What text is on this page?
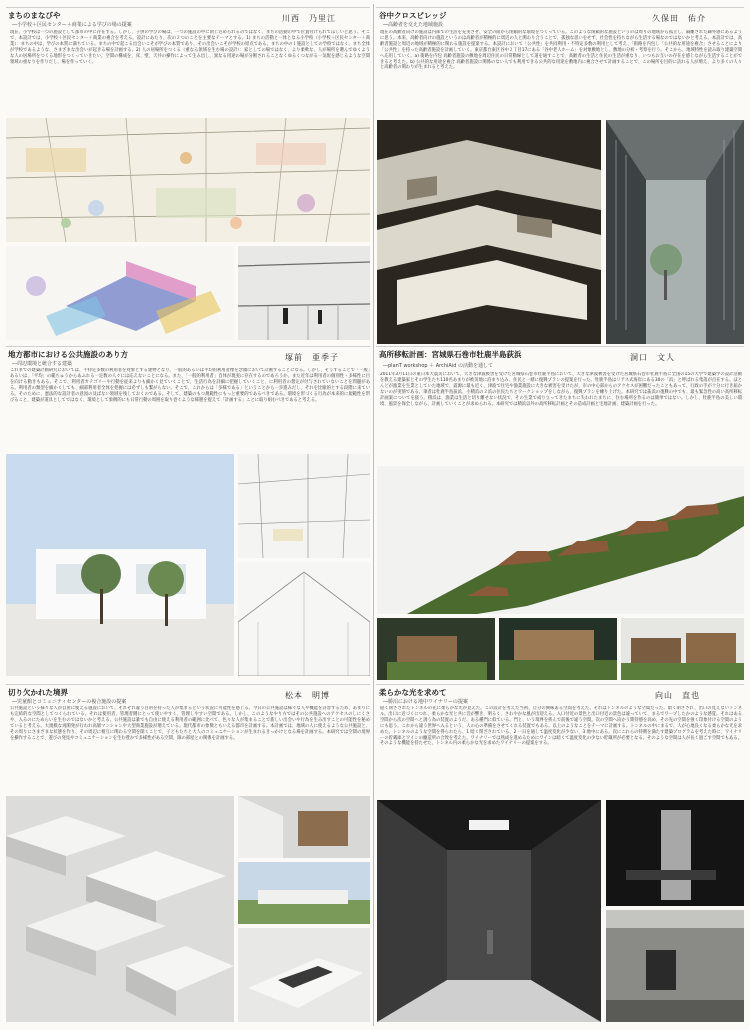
まちのまなびや
―小学校＋区民センター＋商業による学びの場の提案
川西　乃里江
現在、小学校は一つの施設として都市の中に存在する。しかし、子供の学びの場は、一つの施設の中に閉じ込められるのではなく、まちの活動の中で位置付けられてほしいと思う。そこで、本設計では、小学校＋区民センター＋商業の複合を考える。設計にあたり、次の２つのことを主要なテーマとする。1) まちの活動と一体となる小学校（小学校＋区民センター＋商業）：まちの中は、学びの本質に満ちている。まちの中で起こる出会いこそが学びの本質であり、その出会いこそが学校の原点である。まちの中の１施設としての学校ではなく、まち全体が学校であるような、さまざまな出会いが起きる場を計画する。2) 人の居場所をつくる（重なる領域を生む場の設計）：家としての場ではなく、より柔軟な、人が場所を選んでゆくような人の居場所をつくる地形をつくっていきたい。空間の構成を、床、壁、天井の操作によって生み出し、異なる用途の場が分断されることなくゆるくつながる一気配を感じるような空間領域の重なりを作りだし、場を作っていく。
谷中クロスビレッジ
―高齢者を交えた地域施設
久保田　佑介
現在の高齢者向けの施設は内部での生活を充実させ、安全の面から閉鎖的な環境をつくっている。このような閉鎖的な施設というのは周りの地域から孤立し、隔離された疎外感にあるように思う。本来、高齢者向けの施設というのは高齢者が積極的に周辺の人と関わり合うことで、孤独な思いをせず、社会性を持ちながら生活する場なのではないかと考える。本設計では、高齢者施設と周辺の地域が積極的に関わる施設を提案する。本設計において「公共性」を共同利用・不特定多数の利用として考え、「街路を内包し「公共的な用途を複合」させることにより「公共性」を持った高齢者施設を計画していく。東京都台東区谷中２丁目17にある「谷中老人ホーム」を対象敷地とし、敷地の分析・考察を行う。そこから、地域特性を読み取り建築空間へ応用していく。a) 街路を内包 高齢者施設の敷地を周辺住民の日常動線として道を通すことで、高齢者の生活と住民の生活が重なり、いつもお互いの存在を感じながら生活することができると考えた。b) 公共的な用途を複合 高齢者施設に関係のない人でも利用できる公共的な用途を敷地内に複合させて計画することで、この場所を目的に訪れる人が増え、より多くの人々と高齢者の関わりが生まれると考えた。
地方都市における公共施設のあり方
―周辺環境と統合する建築
塚前　亜季子
これまでの建築計画研究においては、不特定多数の利用者を対象とする建物となり、一般的あるいは平均的利用者像を念頭において計画することになる。しかし、そうすることで「一般」あるいは、「平均」の範ちゅうからあふれる一定数の人々には応えないことになる。また、「一般的利用者」自体が現実に存在するのであろうか。また近年は利用者の個別性・多様性に目を向ける動きもある。そこで、利用者カテゴリーや行動を従来よりも細かく見ていくことで、生活行為を詳細に把握していくこと、に利用者の想定が付与されていないことを問題がある。利用者の類型を細かくしても、細部利用者全体を把握には必ずしも繋がらない。そこで、これからは「多様である」ということから一歩進みだし、それを比喩的とする段階に来ている。そのために、憲法的な設計者の意図の及ばない領域を残しておくのである。そして、建築のもつ規範性にもっと重要的であるべきである。環境を形づくる行為が本来的に規範性を帯びること、建築が道具としてではなく、環境として象徴的にも日常行動の周囲を取り巻くような様態を捉えて「計画する」ことに取り組むべきであると考える。
高所移転計画：宮城県石巻市牡鹿半島荻浜
―planT workshop ＋ ArchiAid の活動を通して
洞口　文人
2011年3月11日の東日本大震災において、大きな津波被害を受けた宮城県石巻市牡鹿半島において、大きな津波被害を受けた宮城県石巻市牡鹿半島に全国の15の大学で建築学の設計活動を教える建築家とその学生たち110名あまりが被災地に泊まり込み、住民と一緒に復興プランの提案を行った。牡鹿半島はリアス式海岸にある30の「浜」と呼ばれる集落が点在する。ほとんどが漁業を生業としていた地域で、震源に最も近く、津波で住宅や漁業施設に大きな被害を受けたが、市の中心部からのアクセスが困難だったこともあって、行政の手が十分に行き届かないのが実情である。筆者は牡鹿半島荻浜、小積浜の２浜の住民たちとワークショップをしながら、復興プランを練り上げた。本研究では荻浜の復興の中でも、最も緊急性の高い高所移転計画案についてを扱う。積浜は、漁業は生活と切り離せない状況で、その生業で成り立ってきたまちに失われたまちに、住む場所を作るのは簡単ではない。しかし、牡鹿半島の美しい環境、風景を保全しながら、計画していくことが求められる。本研究では積浜以外の高所移転計画とその造成計画と宅地計画、建築計画を行った。
切り欠かれた境界
―児童館とコミュニティセンターの複合施設の提案
松本　明博
公共施設という様々な人が自由に使える施設において、それぞれ違う目的を持った人が集まるという状況に可能性を感じる。今日の公共施設は様々な人や機能を許容するため、あまりにも完結的な空間としてつくられている。それは使用者、管理者側にとって使いやすく、管理しやすい空間である。しかし、このようなやり方ではその公共施設へのアクセスのしにくさや、入るのにためらいを生むのではないかと考える。公共施設は誰でも自由に使える利用者の範囲に比べて、色々な人が集まることで新しい出会いや行為を生み出すことの可能性を秘めていると考える。大規模な再開発が行われ高層マンションや大型商業施設が増えている。現代都市の象徴ともいえる都市を計画する。本計画では、地域の人に使えるような公共施設と、その周りにさまざまな状態を作り、その周辺に相互に関わる空間を開くことで、子どもたちと大人のコミュニケーションが生まれるきっかけとなる場を計画する。本研究では空間の境界を操作することで、遊びの発見やコミュニケーションを生む豊かで多様性がある空間、隙の部屋との関係を計画する。
柔らかな光を求めて
―勝沼における地中ワイナリーの提案
向山　直也
隠く閉ざされたトンネルの先に柔らかな光が見えた。この設計を考えた当初、自分の興味ある空間を考えた。それはトンネルのような空間だった。暗く閉ざされ、出口の見えないトンネル。出口に近づくにつれ、柔らかな光と共に音が響き、明るく、さわやかな風が出迎える。入口付近の景色と出口付近の景色は違っていて、まるでワープしたかのような感覚。それはある空間から次の空間へと誘う為の装置のようだ。ある種門に似ている。門と、いう境界を挟んで前後で違う空間。次の空間へ向かう期待感を高め、その先の空間を強く印象付ける空間のようにも思う。これから違う世界へ入るという、人の心の準備をさせてくれる装置でもある。以上のようなことをテーマに計画する。トンネルの中にまるで、人が心地良くなる柔らかな光を求めた。トンネルのような空間を得られたら、1 暗く閉ざされている、2 一日を通して温度変化が少ない、3 地中にある。次にこれらの特徴を満たす建築プログラムを考えた時に、ワイナリーの貯蔵庫とワインの醸造所の合致を考えた。ワイナリーでは熟成を進めるためにワインは暗くて温度変化の少ない貯蔵所が必要となる。そのような空間は人が長く過ごす空間でもある。そのような機能を持たせた、トンネル内の柔らかな光を求めたワイナリーの提案をする。
